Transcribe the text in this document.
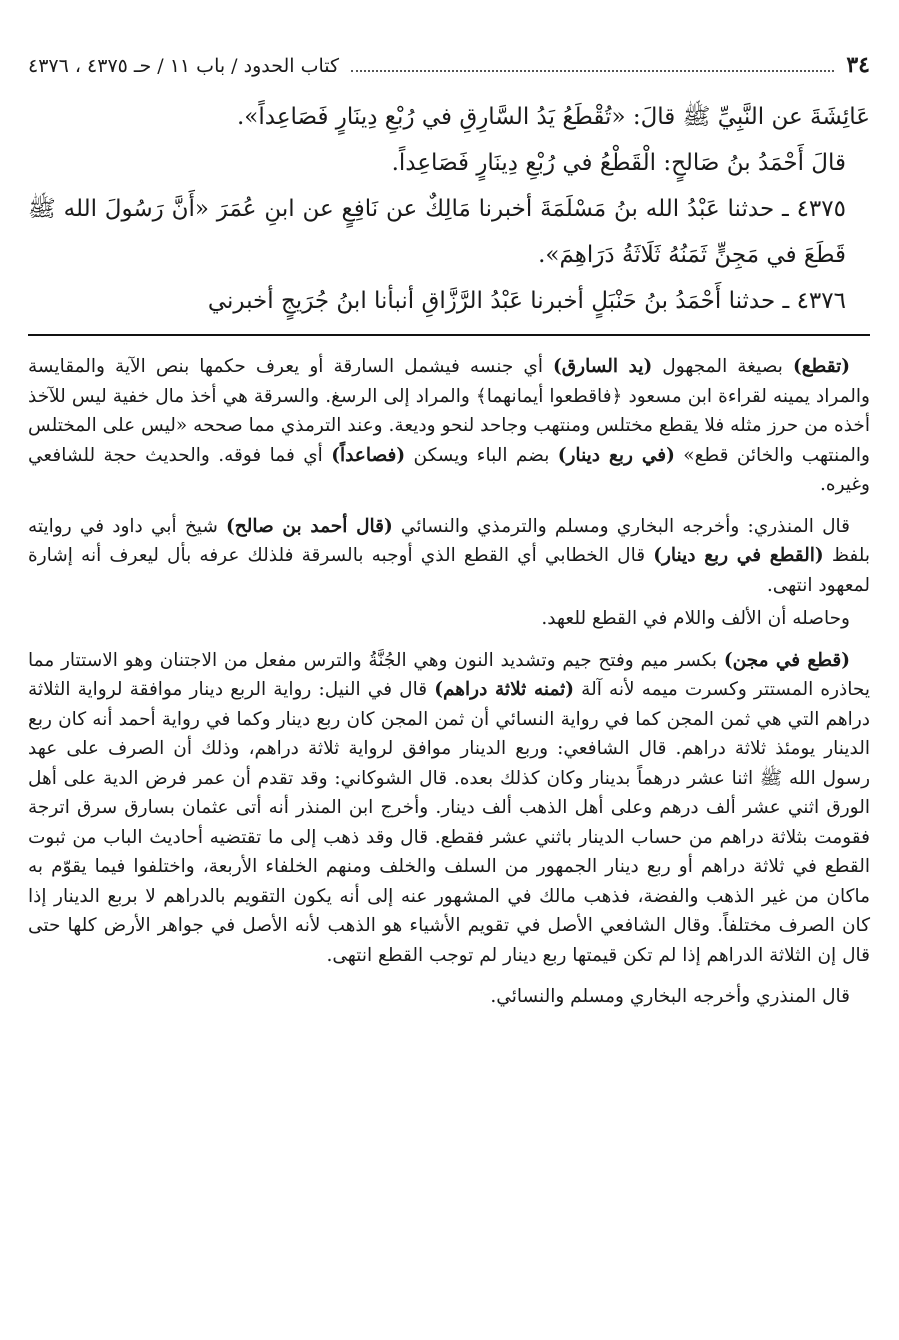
٣٤
كتاب الحدود / باب ١١ / حـ ٤٣٧٥ ، ٤٣٧٦

عَائِشَةَ عن النَّبِيِّ ﷺ قالَ: «تُقْطَعُ يَدُ السَّارِقِ في رُبْعِ دِينَارٍ فَصَاعِداً».

قالَ أَحْمَدُ بنُ صَالحٍ: الْقَطْعُ في رُبْعِ دِينَارٍ فَصَاعِداً.

٤٣٧٥ ـ حدثنا عَبْدُ الله بنُ مَسْلَمَةَ أخبرنا مَالِكٌ عن نَافِعٍ عن ابنِ عُمَرَ «أَنَّ رَسُولَ الله ﷺ قَطَعَ في مَجِنٍّ ثَمَنُهُ ثَلَاثَةُ دَرَاهِمَ».

٤٣٧٦ ـ حدثنا أَحْمَدُ بنُ حَنْبَلٍ أخبرنا عَبْدُ الرَّزَّاقِ أنبأنا ابنُ جُرَيجٍ أخبرني

(تقطع) بصيغة المجهول (يد السارق) أي جنسه فيشمل السارقة أو يعرف حكمها بنص الآية والمقايسة والمراد يمينه لقراءة ابن مسعود ﴿فاقطعوا أيمانهما﴾ والمراد إلى الرسغ. والسرقة هي أخذ مال خفية ليس للآخذ أخذه من حرز مثله فلا يقطع مختلس ومنتهب وجاحد لنحو وديعة. وعند الترمذي مما صححه «ليس على المختلس والمنتهب والخائن قطع» (في ربع دينار) بضم الباء ويسكن (فصاعداً) أي فما فوقه. والحديث حجة للشافعي وغيره.

قال المنذري: وأخرجه البخاري ومسلم والترمذي والنسائي (قال أحمد بن صالح) شيخ أبي داود في روايته بلفظ (القطع في ربع دينار) قال الخطابي أي القطع الذي أوجبه بالسرقة فلذلك عرفه بأل ليعرف أنه إشارة لمعهود انتهى.

وحاصله أن الألف واللام في القطع للعهد.

(قطع في مجن) بكسر ميم وفتح جيم وتشديد النون وهي الجُنَّةُ والترس مفعل من الاجتنان وهو الاستتار مما يحاذره المستتر وكسرت ميمه لأنه آلة (ثمنه ثلاثة دراهم) قال في النيل: رواية الربع دينار موافقة لرواية الثلاثة دراهم التي هي ثمن المجن كما في رواية النسائي أن ثمن المجن كان ربع دينار وكما في رواية أحمد أنه كان ربع الدينار يومئذ ثلاثة دراهم. قال الشافعي: وربع الدينار موافق لرواية ثلاثة دراهم، وذلك أن الصرف على عهد رسول الله ﷺ اثنا عشر درهماً بدينار وكان كذلك بعده. قال الشوكاني: وقد تقدم أن عمر فرض الدية على أهل الورق اثني عشر ألف درهم وعلى أهل الذهب ألف دينار. وأخرج ابن المنذر أنه أتى عثمان بسارق سرق اترجة فقومت بثلاثة دراهم من حساب الدينار باثني عشر فقطع. قال وقد ذهب إلى ما تقتضيه أحاديث الباب من ثبوت القطع في ثلاثة دراهم أو ربع دينار الجمهور من السلف والخلف ومنهم الخلفاء الأربعة، واختلفوا فيما يقوّم به ماكان من غير الذهب والفضة، فذهب مالك في المشهور عنه إلى أنه يكون التقويم بالدراهم لا بربع الدينار إذا كان الصرف مختلفاً. وقال الشافعي الأصل في تقويم الأشياء هو الذهب لأنه الأصل في جواهر الأرض كلها حتى قال إن الثلاثة الدراهم إذا لم تكن قيمتها ربع دينار لم توجب القطع انتهى.

قال المنذري وأخرجه البخاري ومسلم والنسائي.
